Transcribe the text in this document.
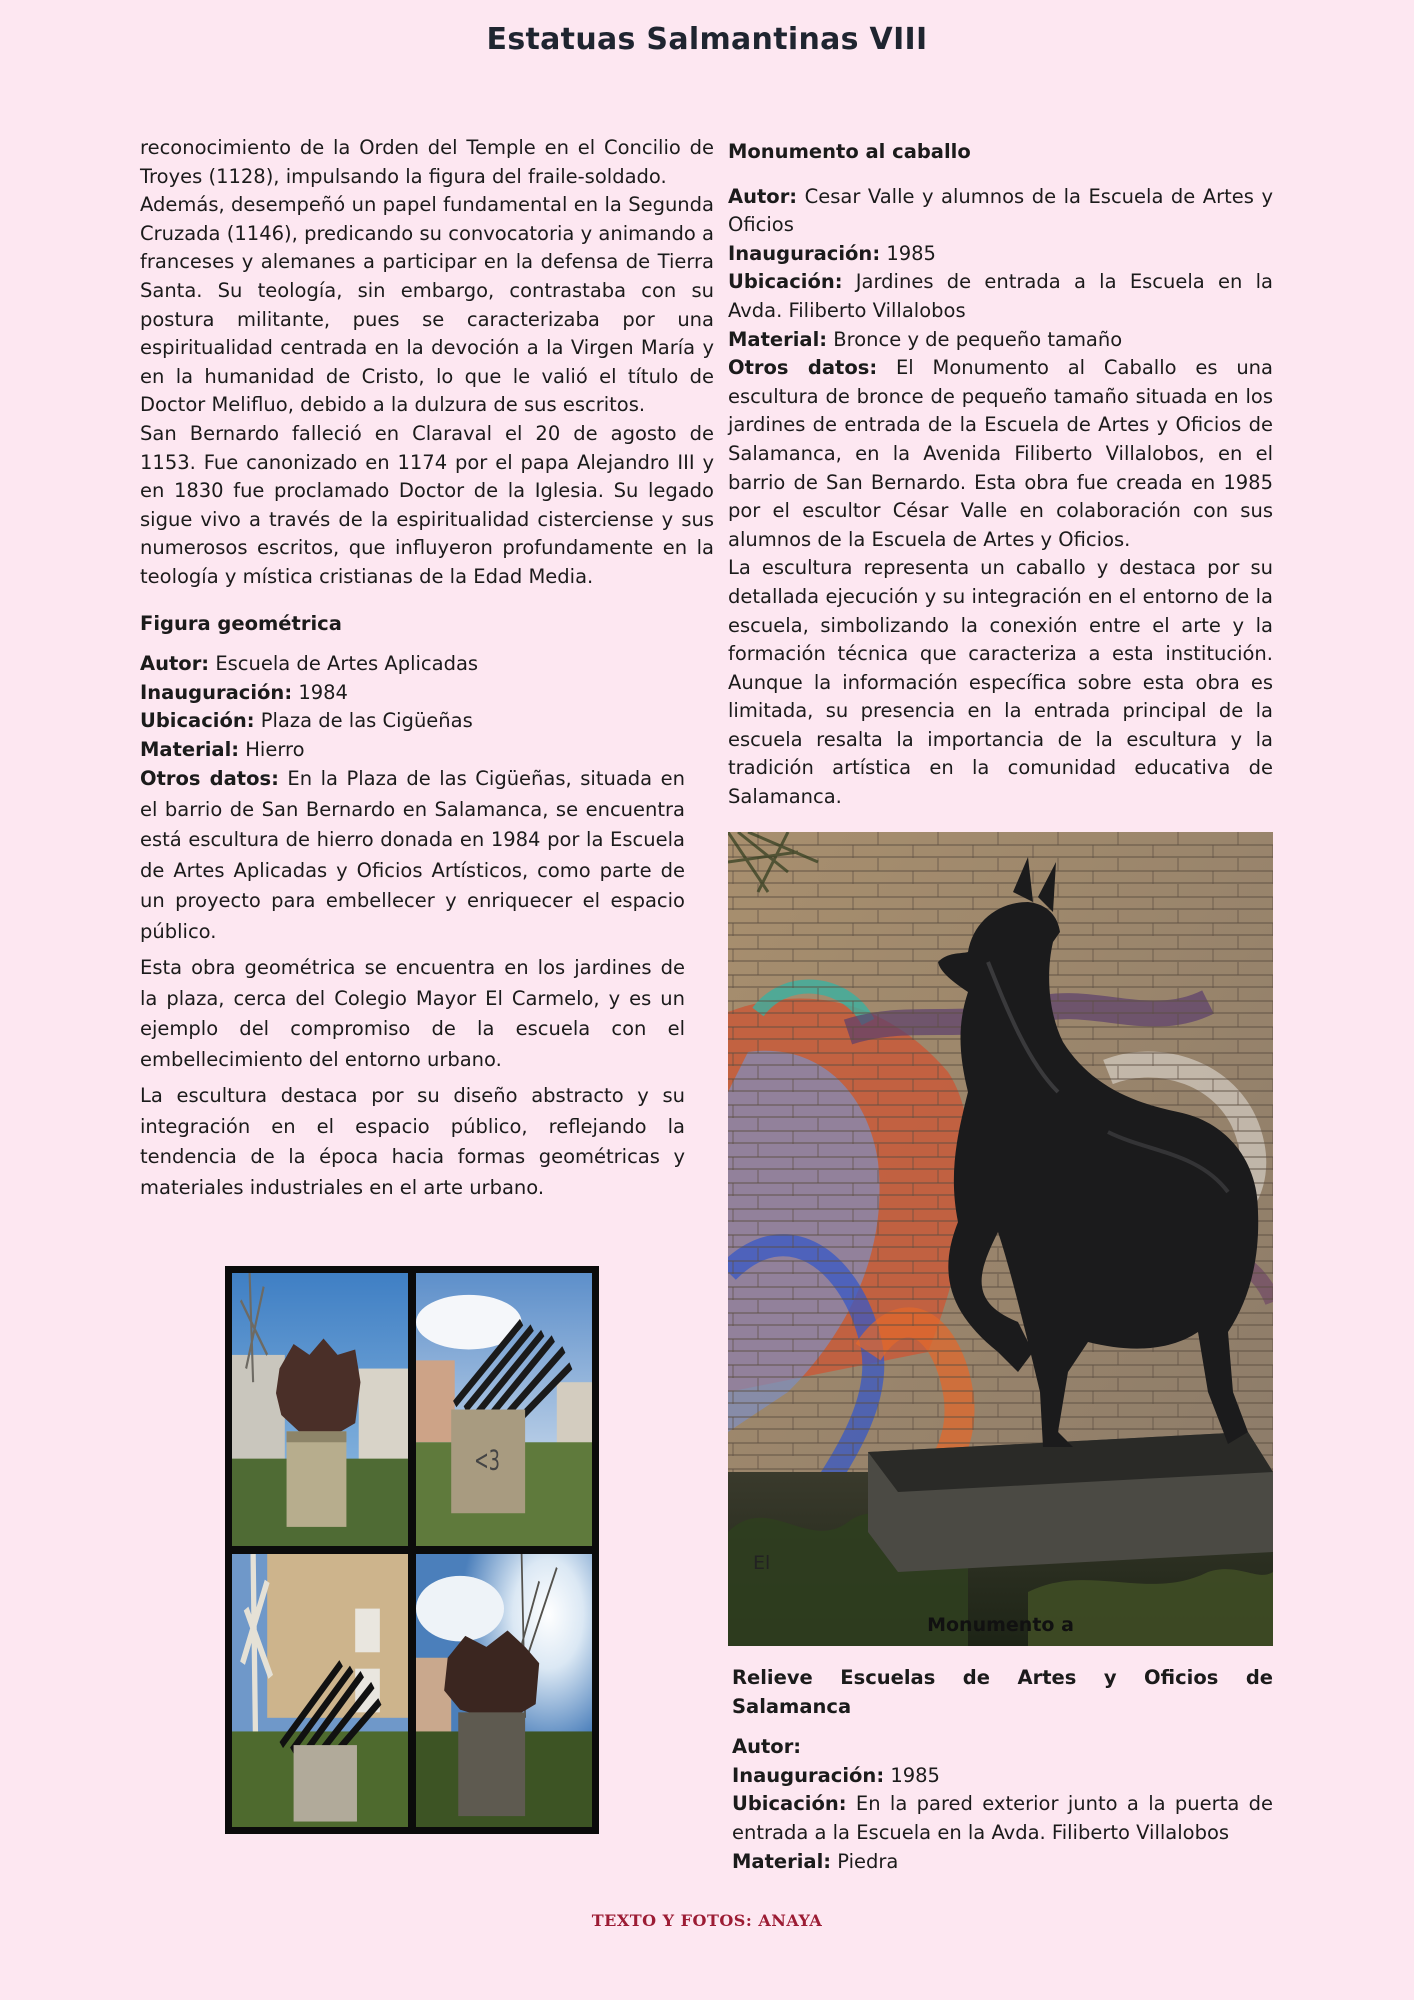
Estatuas Salmantinas VIII

reconocimiento de la Orden del Temple en el Concilio de Troyes (1128), impulsando la figura del fraile-soldado.

Además, desempeñó un papel fundamental en la Segunda Cruzada (1146), predicando su convocatoria y animando a franceses y alemanes a participar en la defensa de Tierra Santa. Su teología, sin embargo, contrastaba con su postura militante, pues se caracterizaba por una espiritualidad centrada en la devoción a la Virgen María y en la humanidad de Cristo, lo que le valió el título de Doctor Melifluo, debido a la dulzura de sus escritos.

San Bernardo falleció en Claraval el 20 de agosto de 1153. Fue canonizado en 1174 por el papa Alejandro III y en 1830 fue proclamado Doctor de la Iglesia. Su legado sigue vivo a través de la espiritualidad cisterciense y sus numerosos escritos, que influyeron profundamente en la teología y mística cristianas de la Edad Media.

Figura geométrica

Autor: Escuela de Artes Aplicadas

Inauguración: 1984

Ubicación: Plaza de las Cigüeñas

Material: Hierro

Otros datos: En la Plaza de las Cigüeñas, situada en el barrio de San Bernardo en Salamanca, se encuentra está escultura de hierro donada en 1984 por la Escuela de Artes Aplicadas y Oficios Artísticos, como parte de un proyecto para embellecer y enriquecer el espacio público.

Esta obra geométrica se encuentra en los jardines de la plaza, cerca del Colegio Mayor El Carmelo, y es un ejemplo del compromiso de la escuela con el embellecimiento del entorno urbano.

La escultura destaca por su diseño abstracto y su integración en el espacio público, reflejando la tendencia de la época hacia formas geométricas y materiales industriales en el arte urbano.

<3

Monumento al caballo

Autor: Cesar Valle y alumnos de la Escuela de Artes y Oficios

Inauguración: 1985

Ubicación: Jardines de entrada a la Escuela en la Avda. Filiberto Villalobos

Material: Bronce y de pequeño tamaño

Otros datos: El Monumento al Caballo es una escultura de bronce de pequeño tamaño situada en los jardines de entrada de la Escuela de Artes y Oficios de Salamanca, en la Avenida Filiberto Villalobos, en el barrio de San Bernardo. Esta obra fue creada en 1985 por el escultor César Valle en colaboración con sus alumnos de la Escuela de Artes y Oficios.

La escultura representa un caballo y destaca por su detallada ejecución y su integración en el entorno de la escuela, simbolizando la conexión entre el arte y la formación técnica que caracteriza a esta institución. Aunque la información específica sobre esta obra es limitada, su presencia en la entrada principal de la escuela resalta la importancia de la escultura y la tradición artística en la comunidad educativa de Salamanca.

El
Monumento a

Relieve Escuelas de Artes y Oficios de Salamanca

Autor:

Inauguración: 1985

Ubicación: En la pared exterior junto a la puerta de entrada a la Escuela en la Avda. Filiberto Villalobos

Material: Piedra

TEXTO Y FOTOS: ANAYA
